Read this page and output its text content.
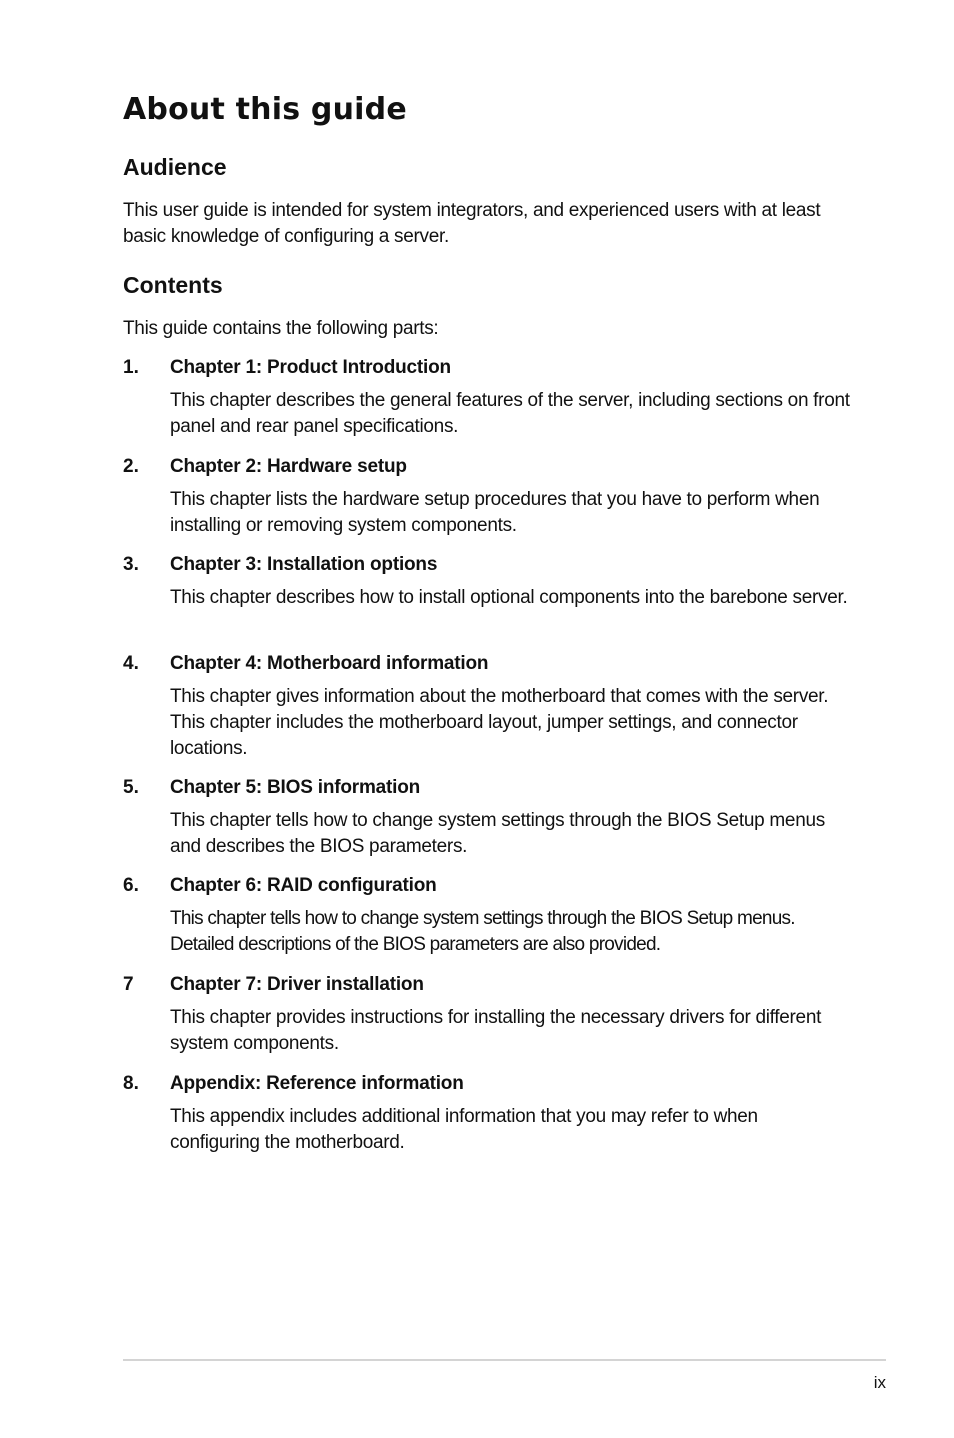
About this guide
Audience

This user guide is intended for system integrators, and experienced users with at least basic knowledge of configuring a server.

Contents

This guide contains the following parts:

1. Chapter 1: Product Introduction

This chapter describes the general features of the server, including sections on front panel and rear panel specifications.

2. Chapter 2: Hardware setup

This chapter lists the hardware setup procedures that you have to perform when installing or removing system components.

3. Chapter 3: Installation options

This chapter describes how to install optional components into the barebone server.

4. Chapter 4: Motherboard information

This chapter gives information about the motherboard that comes with the server. This chapter includes the motherboard layout, jumper settings, and connector locations.

5. Chapter 5: BIOS information

This chapter tells how to change system settings through the BIOS Setup menus and describes the BIOS parameters.

6. Chapter 6: RAID configuration

This chapter tells how to change system settings through the BIOS Setup menus. Detailed descriptions of the BIOS parameters are also provided.

7 Chapter 7: Driver installation

This chapter provides instructions for installing the necessary drivers for different system components.

8. Appendix: Reference information

This appendix includes additional information that you may refer to when configuring the motherboard.

ix
